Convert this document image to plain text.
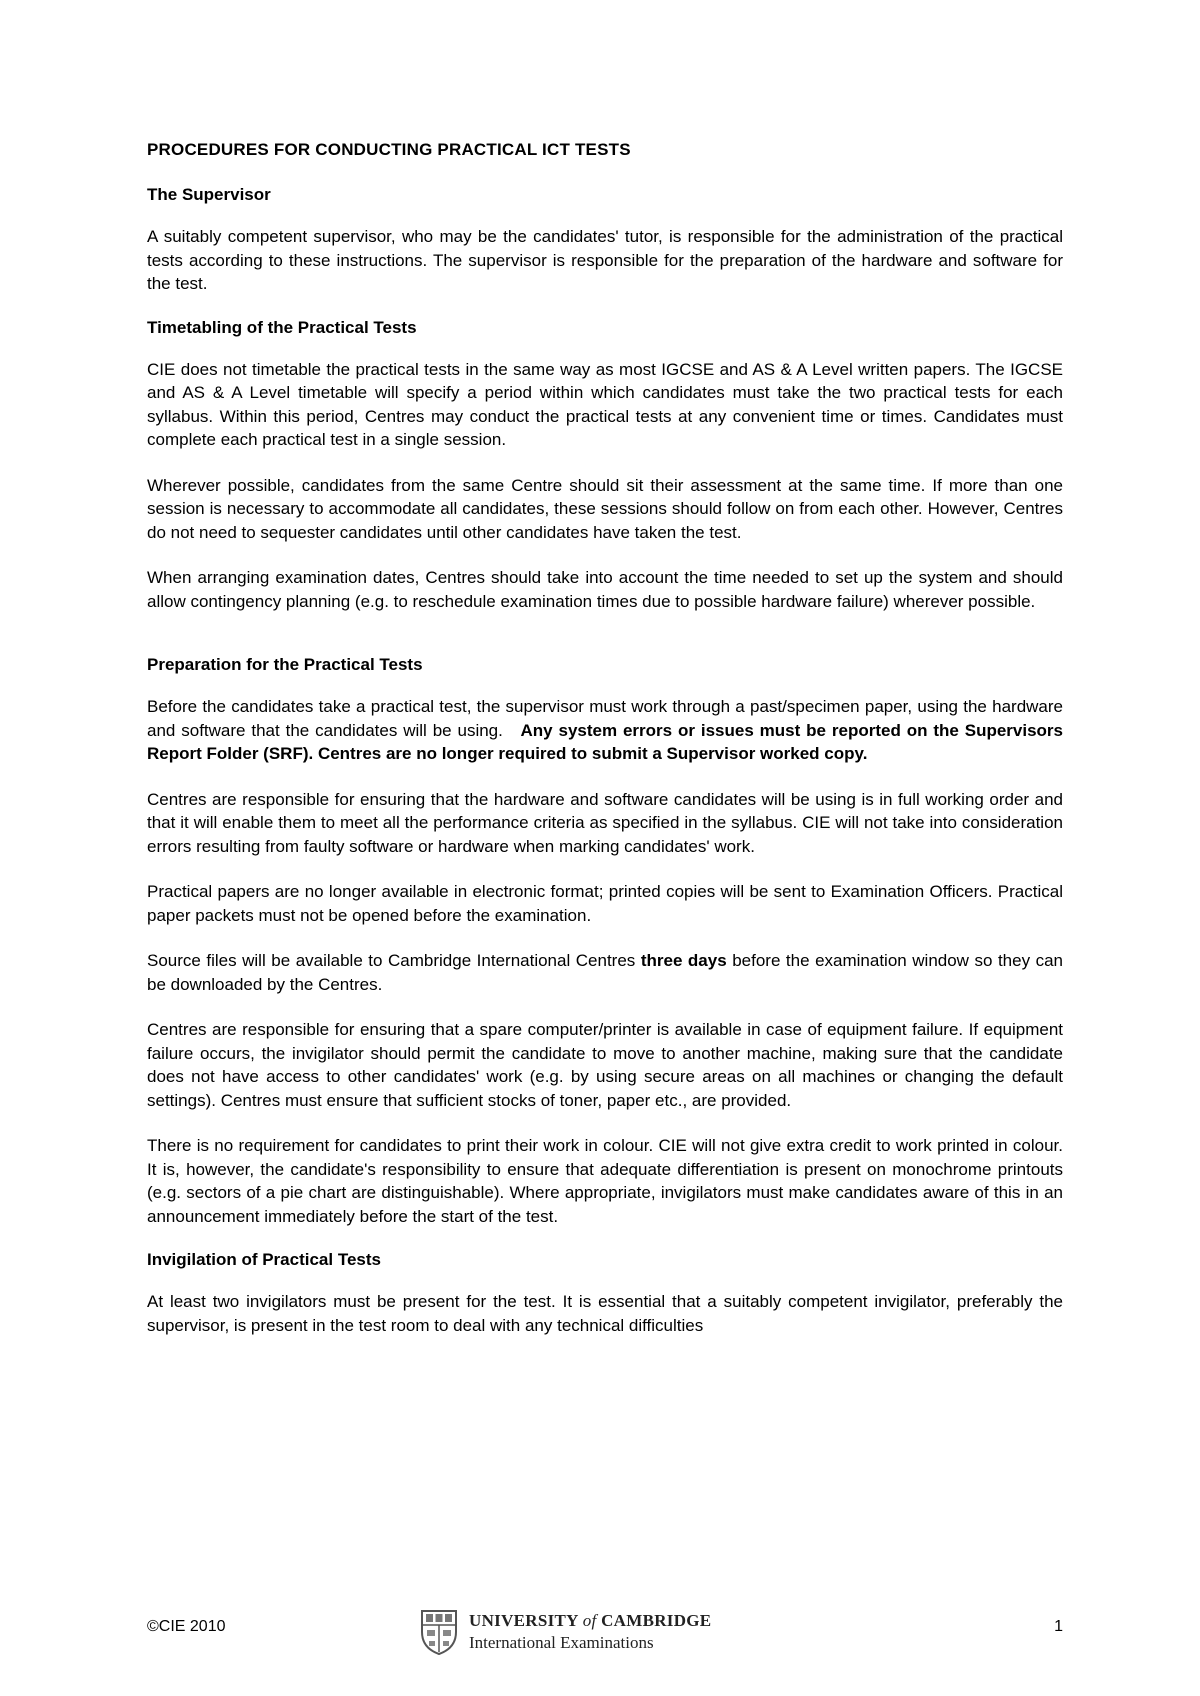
PROCEDURES FOR CONDUCTING PRACTICAL ICT TESTS
The Supervisor

A suitably competent supervisor, who may be the candidates' tutor, is responsible for the administration of the practical tests according to these instructions. The supervisor is responsible for the preparation of the hardware and software for the test.

Timetabling of the Practical Tests

CIE does not timetable the practical tests in the same way as most IGCSE and AS & A Level written papers. The IGCSE and AS & A Level timetable will specify a period within which candidates must take the two practical tests for each syllabus. Within this period, Centres may conduct the practical tests at any convenient time or times. Candidates must complete each practical test in a single session.

Wherever possible, candidates from the same Centre should sit their assessment at the same time. If more than one session is necessary to accommodate all candidates, these sessions should follow on from each other. However, Centres do not need to sequester candidates until other candidates have taken the test.

When arranging examination dates, Centres should take into account the time needed to set up the system and should allow contingency planning (e.g. to reschedule examination times due to possible hardware failure) wherever possible.

Preparation for the Practical Tests

Before the candidates take a practical test, the supervisor must work through a past/specimen paper, using the hardware and software that the candidates will be using. Any system errors or issues must be reported on the Supervisors Report Folder (SRF). Centres are no longer required to submit a Supervisor worked copy.

Centres are responsible for ensuring that the hardware and software candidates will be using is in full working order and that it will enable them to meet all the performance criteria as specified in the syllabus. CIE will not take into consideration errors resulting from faulty software or hardware when marking candidates' work.

Practical papers are no longer available in electronic format; printed copies will be sent to Examination Officers. Practical paper packets must not be opened before the examination.

Source files will be available to Cambridge International Centres three days before the examination window so they can be downloaded by the Centres.

Centres are responsible for ensuring that a spare computer/printer is available in case of equipment failure. If equipment failure occurs, the invigilator should permit the candidate to move to another machine, making sure that the candidate does not have access to other candidates' work (e.g. by using secure areas on all machines or changing the default settings). Centres must ensure that sufficient stocks of toner, paper etc., are provided.

There is no requirement for candidates to print their work in colour. CIE will not give extra credit to work printed in colour. It is, however, the candidate's responsibility to ensure that adequate differentiation is present on monochrome printouts (e.g. sectors of a pie chart are distinguishable). Where appropriate, invigilators must make candidates aware of this in an announcement immediately before the start of the test.

Invigilation of Practical Tests

At least two invigilators must be present for the test. It is essential that a suitably competent invigilator, preferably the supervisor, is present in the test room to deal with any technical difficulties

©CIE 2010	UNIVERSITY of CAMBRIDGE
International Examinations
1
